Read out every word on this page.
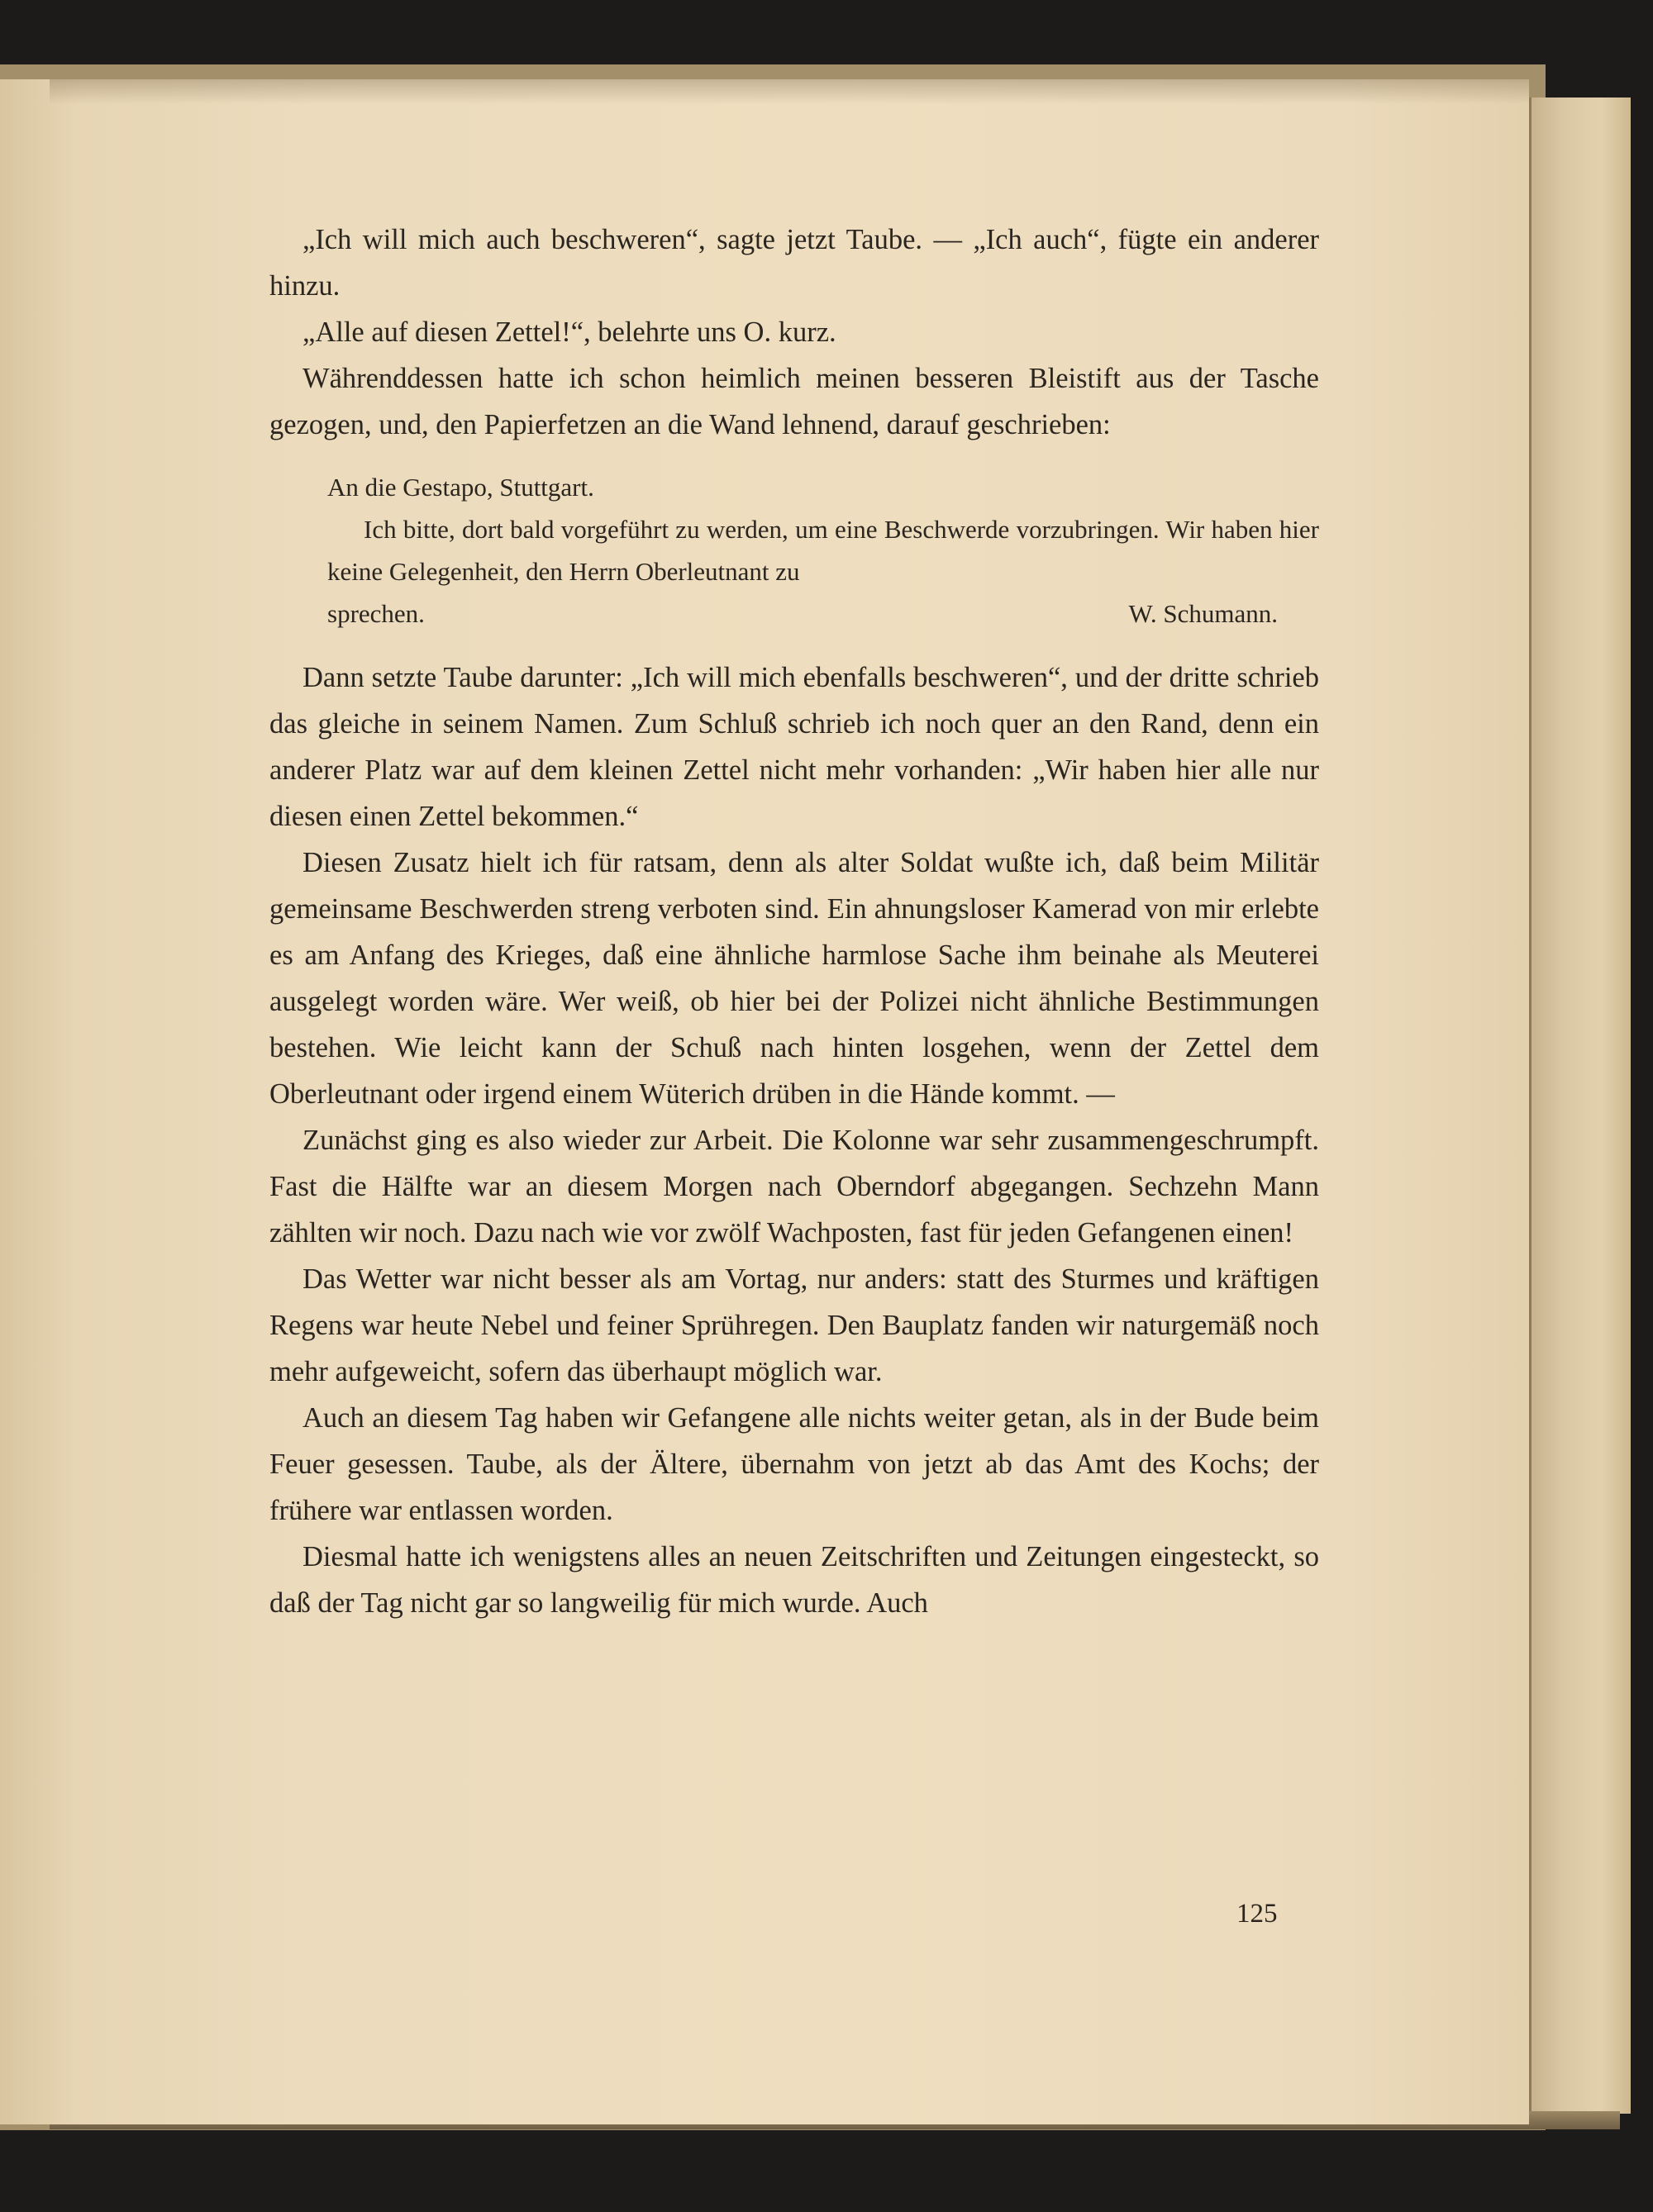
„Ich will mich auch beschweren“, sagte jetzt Taube. — „Ich auch“, fügte ein anderer hinzu.

„Alle auf diesen Zettel!“, belehrte uns O. kurz.

Währenddessen hatte ich schon heimlich meinen besseren Bleistift aus der Tasche gezogen, und, den Papierfetzen an die Wand lehnend, darauf geschrieben:

An die Gestapo, Stuttgart.

Ich bitte, dort bald vorgeführt zu werden, um eine Beschwerde vorzubringen. Wir haben hier keine Gelegenheit, den Herrn Oberleutnant zu

sprechen.	W. Schumann.

Dann setzte Taube darunter: „Ich will mich ebenfalls beschweren“, und der dritte schrieb das gleiche in seinem Namen. Zum Schluß schrieb ich noch quer an den Rand, denn ein anderer Platz war auf dem kleinen Zettel nicht mehr vorhanden: „Wir haben hier alle nur diesen einen Zettel bekommen.“

Diesen Zusatz hielt ich für ratsam, denn als alter Soldat wußte ich, daß beim Militär gemeinsame Beschwerden streng verboten sind. Ein ahnungsloser Kamerad von mir erlebte es am Anfang des Krieges, daß eine ähnliche harmlose Sache ihm beinahe als Meuterei ausgelegt worden wäre. Wer weiß, ob hier bei der Polizei nicht ähnliche Bestimmungen bestehen. Wie leicht kann der Schuß nach hinten losgehen, wenn der Zettel dem Oberleutnant oder irgend einem Wüterich drüben in die Hände kommt. —

Zunächst ging es also wieder zur Arbeit. Die Kolonne war sehr zusammengeschrumpft. Fast die Hälfte war an diesem Morgen nach Oberndorf abgegangen. Sechzehn Mann zählten wir noch. Dazu nach wie vor zwölf Wachposten, fast für jeden Gefangenen einen!

Das Wetter war nicht besser als am Vortag, nur anders: statt des Sturmes und kräftigen Regens war heute Nebel und feiner Sprühregen. Den Bauplatz fanden wir naturgemäß noch mehr aufgeweicht, sofern das überhaupt möglich war.

Auch an diesem Tag haben wir Gefangene alle nichts weiter getan, als in der Bude beim Feuer gesessen. Taube, als der Ältere, übernahm von jetzt ab das Amt des Kochs; der frühere war entlassen worden.

Diesmal hatte ich wenigstens alles an neuen Zeitschriften und Zeitungen eingesteckt, so daß der Tag nicht gar so langweilig für mich wurde. Auch

125
